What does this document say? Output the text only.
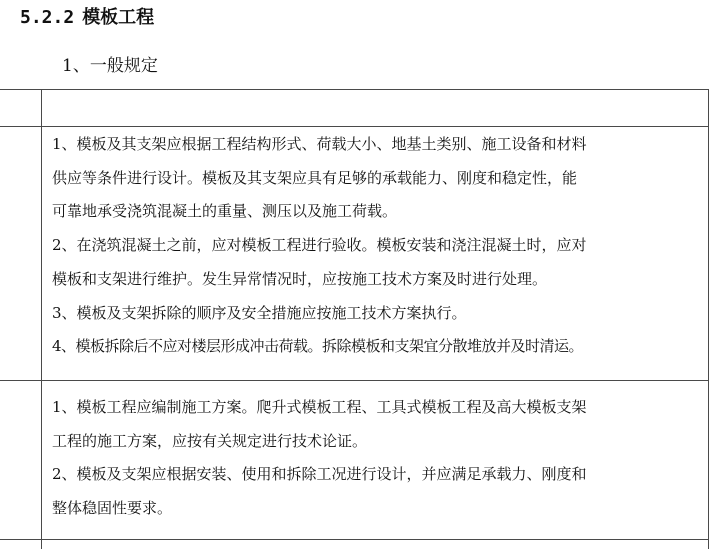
5.2.2 模板工程
1、一般规定

1、模板及其支架应根据工程结构形式、荷载大小、地基土类别、施工设备和材料

供应等条件进行设计。模板及其支架应具有足够的承载能力、刚度和稳定性，能

可靠地承受浇筑混凝土的重量、测压以及施工荷载。

2、在浇筑混凝土之前，应对模板工程进行验收。模板安装和浇注混凝土时，应对

模板和支架进行维护。发生异常情况时，应按施工技术方案及时进行处理。

3、模板及支架拆除的顺序及安全措施应按施工技术方案执行。

4、模板拆除后不应对楼层形成冲击荷载。拆除模板和支架宜分散堆放并及时清运。

1、模板工程应编制施工方案。爬升式模板工程、工具式模板工程及高大模板支架

工程的施工方案，应按有关规定进行技术论证。

2、模板及支架应根据安装、使用和拆除工况进行设计，并应满足承载力、刚度和

整体稳固性要求。
